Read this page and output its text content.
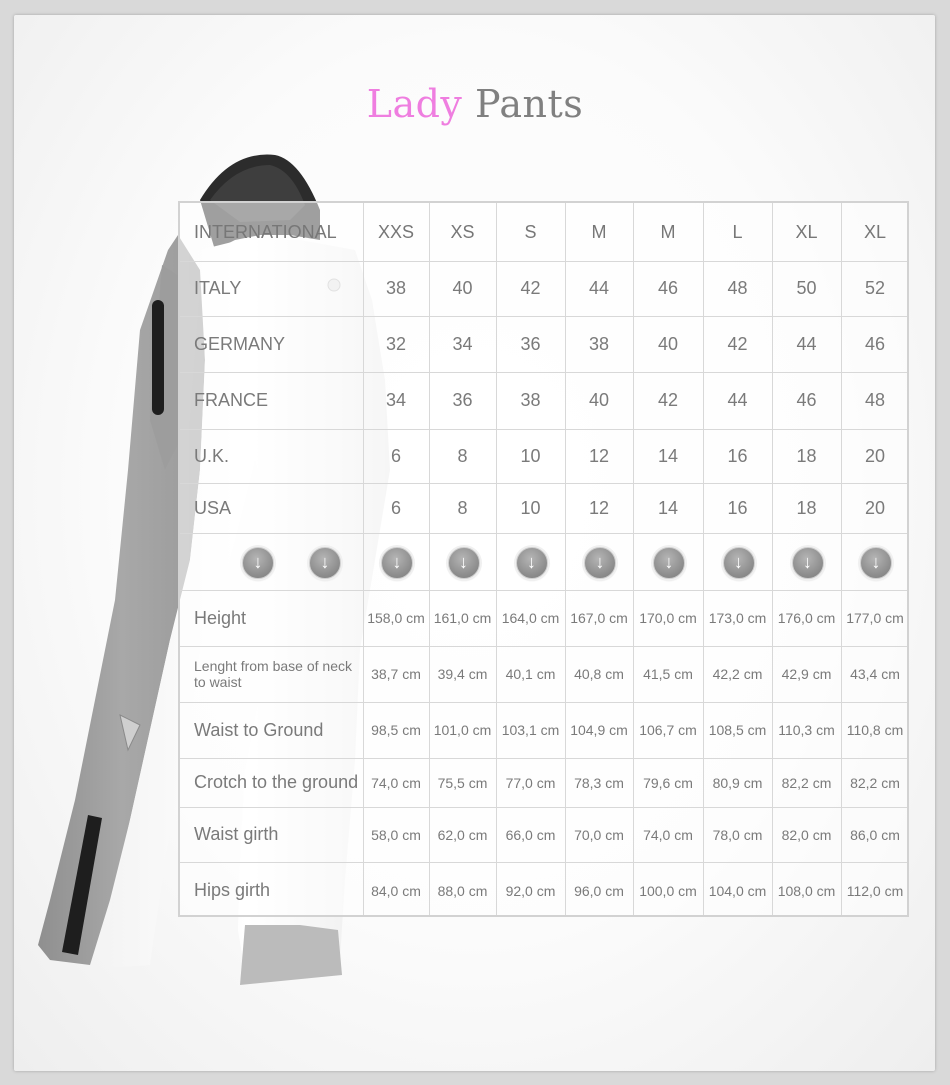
Lady Pants
INTERNATIONAL	XXS	XS	S	M	M	L	XL	XL
ITALY	38	40	42	44	46	48	50	52
GERMANY	32	34	36	38	40	42	44	46
FRANCE	34	36	38	40	42	44	46	48
U.K.	6	8	10	12	14	16	18	20
USA	6	8	10	12	14	16	18	20
↓	↓	↓	↓	↓	↓	↓	↓	↓	↓
Height	158,0 cm 161,0 cm 164,0 cm 167,0 cm 170,0 cm 173,0 cm 176,0 cm 177,0 cm
Lenght from base of neck to waist	38,7 cm	39,4 cm	40,1 cm	40,8 cm	41,5 cm	42,2 cm	42,9 cm	43,4 cm
Waist to Ground	98,5 cm 101,0 cm 103,1 cm 104,9 cm 106,7 cm 108,5 cm 110,3 cm 110,8 cm
Crotch to the ground 74,0 cm	75,5 cm	77,0 cm	78,3 cm	79,6 cm	80,9 cm	82,2 cm	82,2 cm
Waist girth	58,0 cm	62,0 cm	66,0 cm	70,0 cm	74,0 cm	78,0 cm	82,0 cm	86,0 cm
Hips girth	84,0 cm	88,0 cm	92,0 cm	96,0 cm	100,0 cm 104,0 cm 108,0 cm 112,0 cm
